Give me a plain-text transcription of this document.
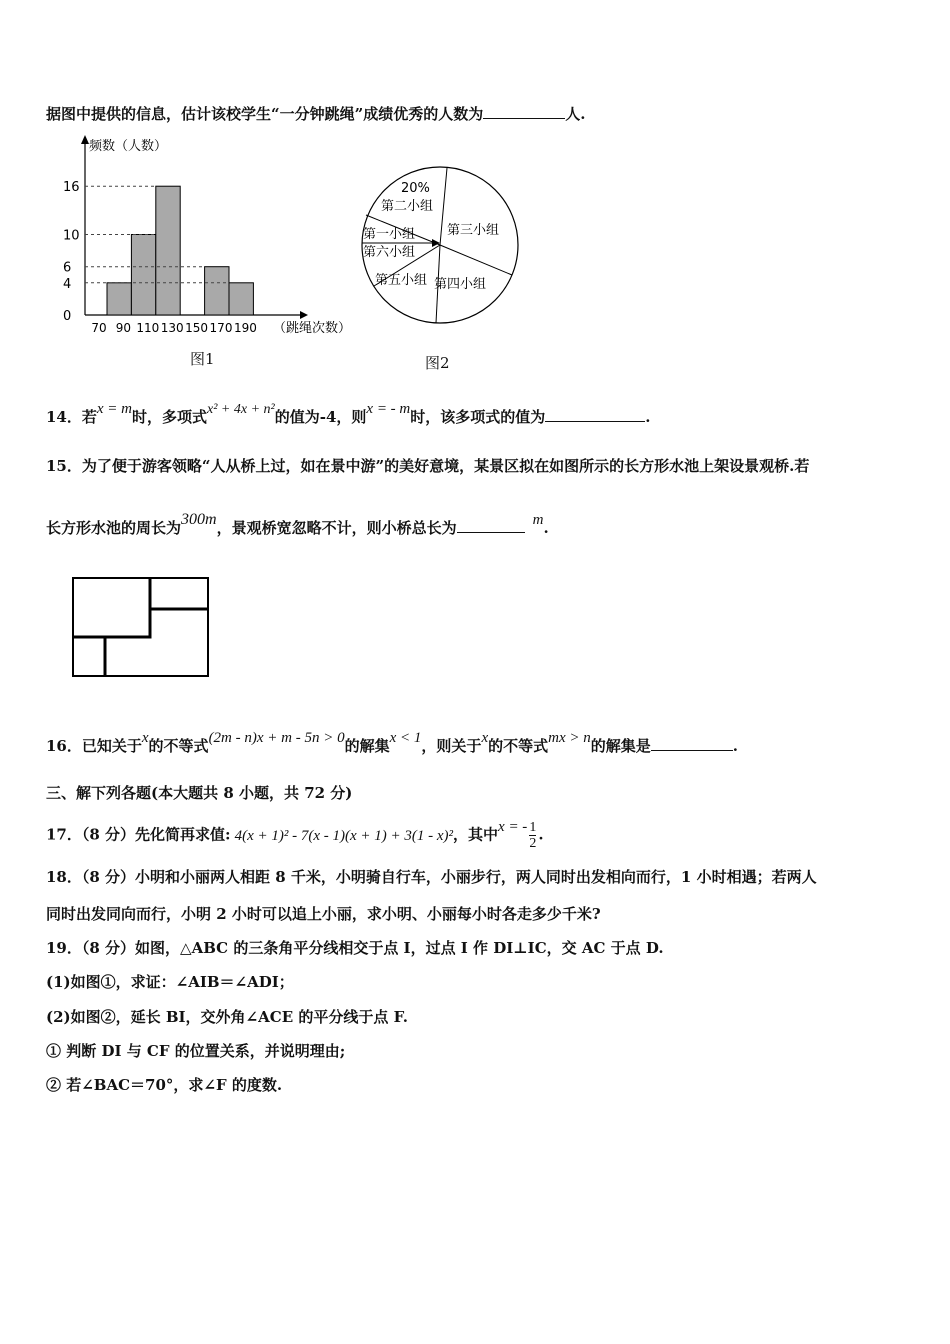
据图中提供的信息，估计该校学生“一分钟跳绳”成绩优秀的人数为	人.
频数（人数）
0
4
6
10
16
70 90 110 130 150 170 190 （跳绳次数）
图1
20%
第二小组
第三小组
第一小组
第六小组
第五小组 第四小组
图2
14．若x = m时，多项式x² + 4x + n²的值为-4，则x = - m时，该多项式的值为	.
15．为了便于游客领略“人从桥上过，如在景中游”的美好意境，某景区拟在如图所示的长方形水池上架设景观桥.若
长方形水池的周长为300m，景观桥宽忽略不计，则小桥总长为	m.
16．已知关于x的不等式(2m - n)x + m - 5n > 0的解集x < 1，则关于x的不等式mx > n的解集是	.
三、解下列各题(本大题共 8 小题，共 72 分)
17．（8 分）先化简再求值: 4(x + 1)² - 7(x - 1)(x + 1) + 3(1 - x)²，其中x = - $\frac{1}{2}$ .
18．（8 分）小明和小丽两人相距 8 千米，小明骑自行车，小丽步行，两人同时出发相向而行，1 小时相遇；若两人
同时出发同向而行，小明 2 小时可以追上小丽，求小明、小丽每小时各走多少千米?
19．（8 分）如图，△ABC 的三条角平分线相交于点 I，过点 I 作 DI⊥IC，交 AC 于点 D.
(1)如图①，求证：∠AIB＝∠ADI；
(2)如图②，延长 BI，交外角∠ACE 的平分线于点 F.
① 判断 DI 与 CF 的位置关系，并说明理由;
② 若∠BAC＝70°，求∠F 的度数.
